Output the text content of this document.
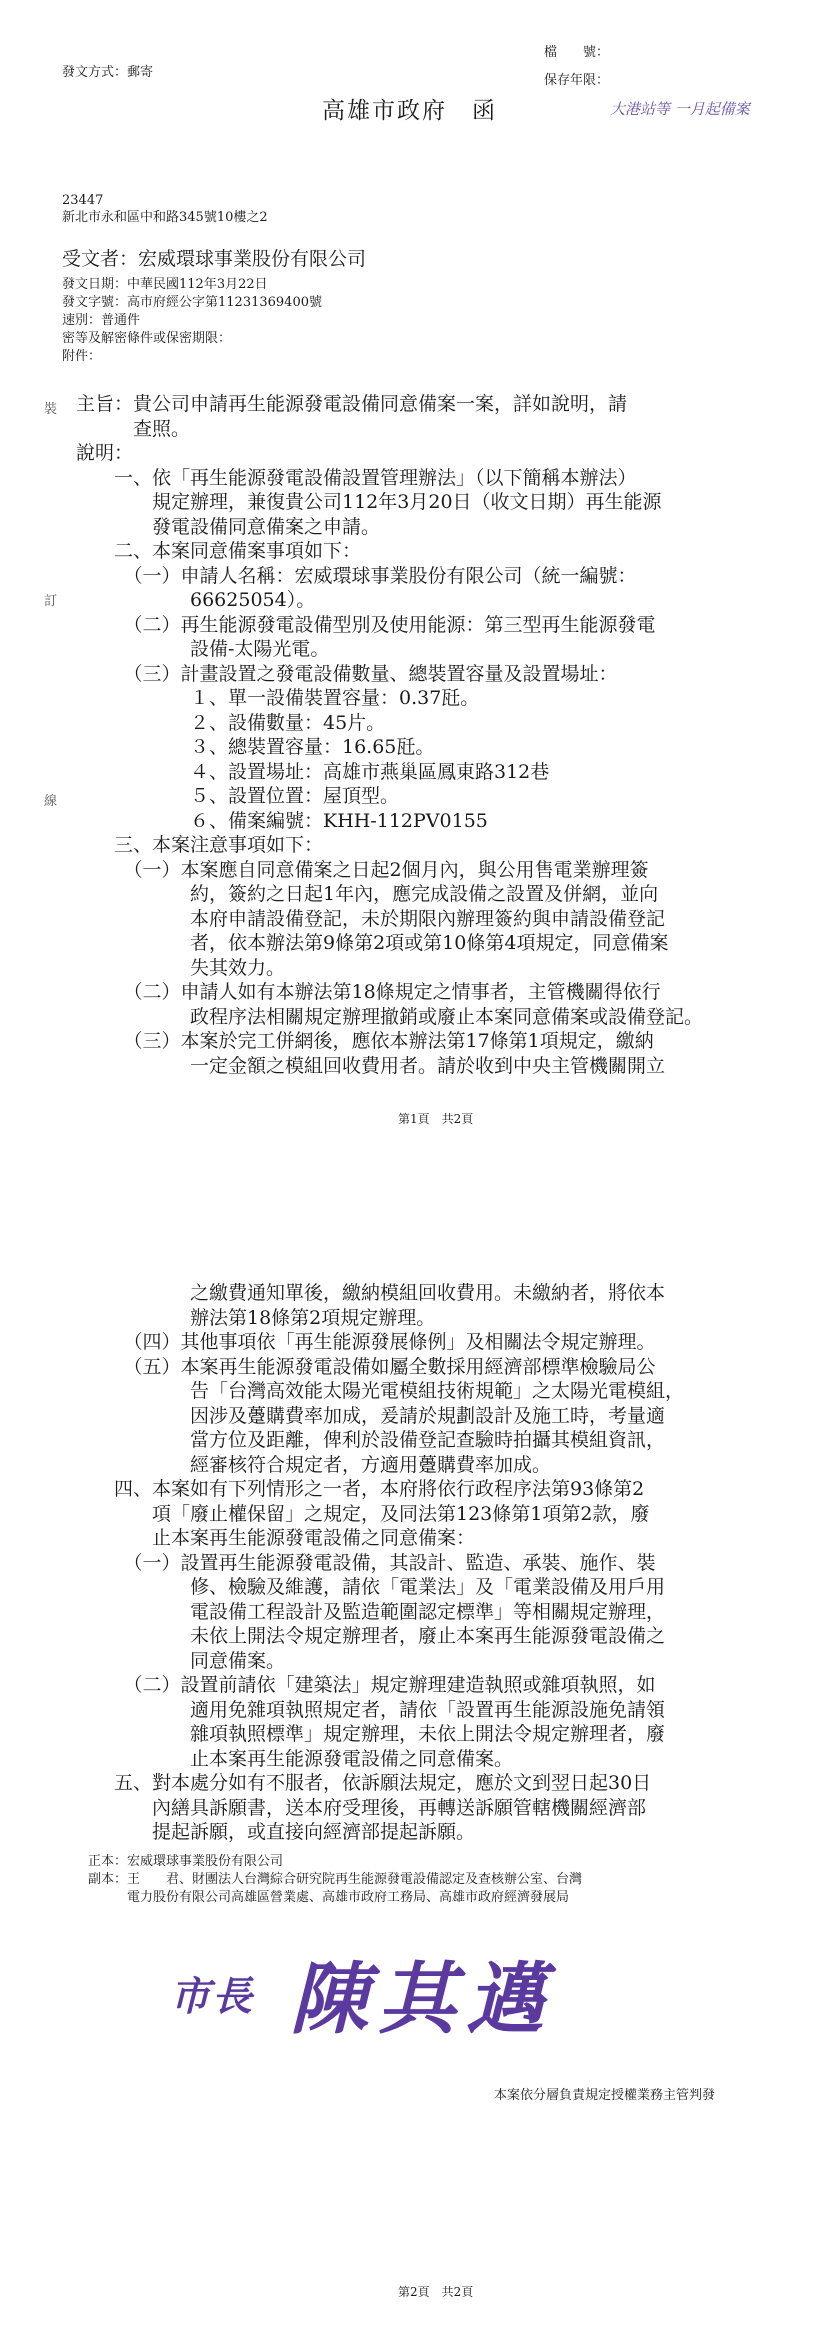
發文方式：郵寄
檔　　號：
保存年限：
高雄市政府　函	大港站等 一月起備案
23447
新北市永和區中和路345號10樓之2
受文者：宏威環球事業股份有限公司
發文日期：中華民國112年3月22日
發文字號：高市府經公字第11231369400號
速別：普通件
密等及解密條件或保密期限：
附件：
裝
訂
線
主旨：貴公司申請再生能源發電設備同意備案一案，詳如說明，請
　　　查照。
說明：
　　一、依「再生能源發電設備設置管理辦法」（以下簡稱本辦法）
　　　　規定辦理，兼復貴公司112年3月20日（收文日期）再生能源
　　　　發電設備同意備案之申請。
　　二、本案同意備案事項如下：
　　　（一）申請人名稱：宏威環球事業股份有限公司（統一編號：
　　　　　　66625054）。
　　　（二）再生能源發電設備型別及使用能源：第三型再生能源發電
　　　　　　設備-太陽光電。
　　　（三）計畫設置之發電設備數量、總裝置容量及設置場址：
　　　　　　１、單一設備裝置容量：0.37瓩。
　　　　　　２、設備數量：45片。
　　　　　　３、總裝置容量：16.65瓩。
　　　　　　４、設置場址：高雄市燕巢區鳳東路312巷
　　　　　　５、設置位置：屋頂型。
　　　　　　６、備案編號：KHH-112PV0155
　　三、本案注意事項如下：
　　　（一）本案應自同意備案之日起2個月內，與公用售電業辦理簽
　　　　　　約，簽約之日起1年內，應完成設備之設置及併網，並向
　　　　　　本府申請設備登記，未於期限內辦理簽約與申請設備登記
　　　　　　者，依本辦法第9條第2項或第10條第4項規定，同意備案
　　　　　　失其效力。
　　　（二）申請人如有本辦法第18條規定之情事者，主管機關得依行
　　　　　　政程序法相關規定辦理撤銷或廢止本案同意備案或設備登記。
　　　（三）本案於完工併網後，應依本辦法第17條第1項規定，繳納
　　　　　　一定金額之模組回收費用者。請於收到中央主管機關開立
第1頁　共2頁
　　　　　　之繳費通知單後，繳納模組回收費用。未繳納者，將依本
　　　　　　辦法第18條第2項規定辦理。
　　　（四）其他事項依「再生能源發展條例」及相關法令規定辦理。
　　　（五）本案再生能源發電設備如屬全數採用經濟部標準檢驗局公
　　　　　　告「台灣高效能太陽光電模組技術規範」之太陽光電模組，
　　　　　　因涉及躉購費率加成，爰請於規劃設計及施工時，考量適
　　　　　　當方位及距離，俾利於設備登記查驗時拍攝其模組資訊，
　　　　　　經審核符合規定者，方適用躉購費率加成。
　　四、本案如有下列情形之一者，本府將依行政程序法第93條第2
　　　　項「廢止權保留」之規定，及同法第123條第1項第2款，廢
　　　　止本案再生能源發電設備之同意備案：
　　　（一）設置再生能源發電設備，其設計、監造、承裝、施作、裝
　　　　　　修、檢驗及維護，請依「電業法」及「電業設備及用戶用
　　　　　　電設備工程設計及監造範圍認定標準」等相關規定辦理，
　　　　　　未依上開法令規定辦理者，廢止本案再生能源發電設備之
　　　　　　同意備案。
　　　（二）設置前請依「建築法」規定辦理建造執照或雜項執照，如
　　　　　　適用免雜項執照規定者，請依「設置再生能源設施免請領
　　　　　　雜項執照標準」規定辦理，未依上開法令規定辦理者，廢
　　　　　　止本案再生能源發電設備之同意備案。
　　五、對本處分如有不服者，依訴願法規定，應於文到翌日起30日
　　　　內繕具訴願書，送本府受理後，再轉送訴願管轄機關經濟部
　　　　提起訴願，或直接向經濟部提起訴願。
正本：宏威環球事業股份有限公司
副本：王　　君、財團法人台灣綜合研究院再生能源發電設備認定及查核辦公室、台灣
　　　電力股份有限公司高雄區營業處、高雄市政府工務局、高雄市政府經濟發展局
市長 陳其邁
本案依分層負責規定授權業務主管判發
第2頁　共2頁
